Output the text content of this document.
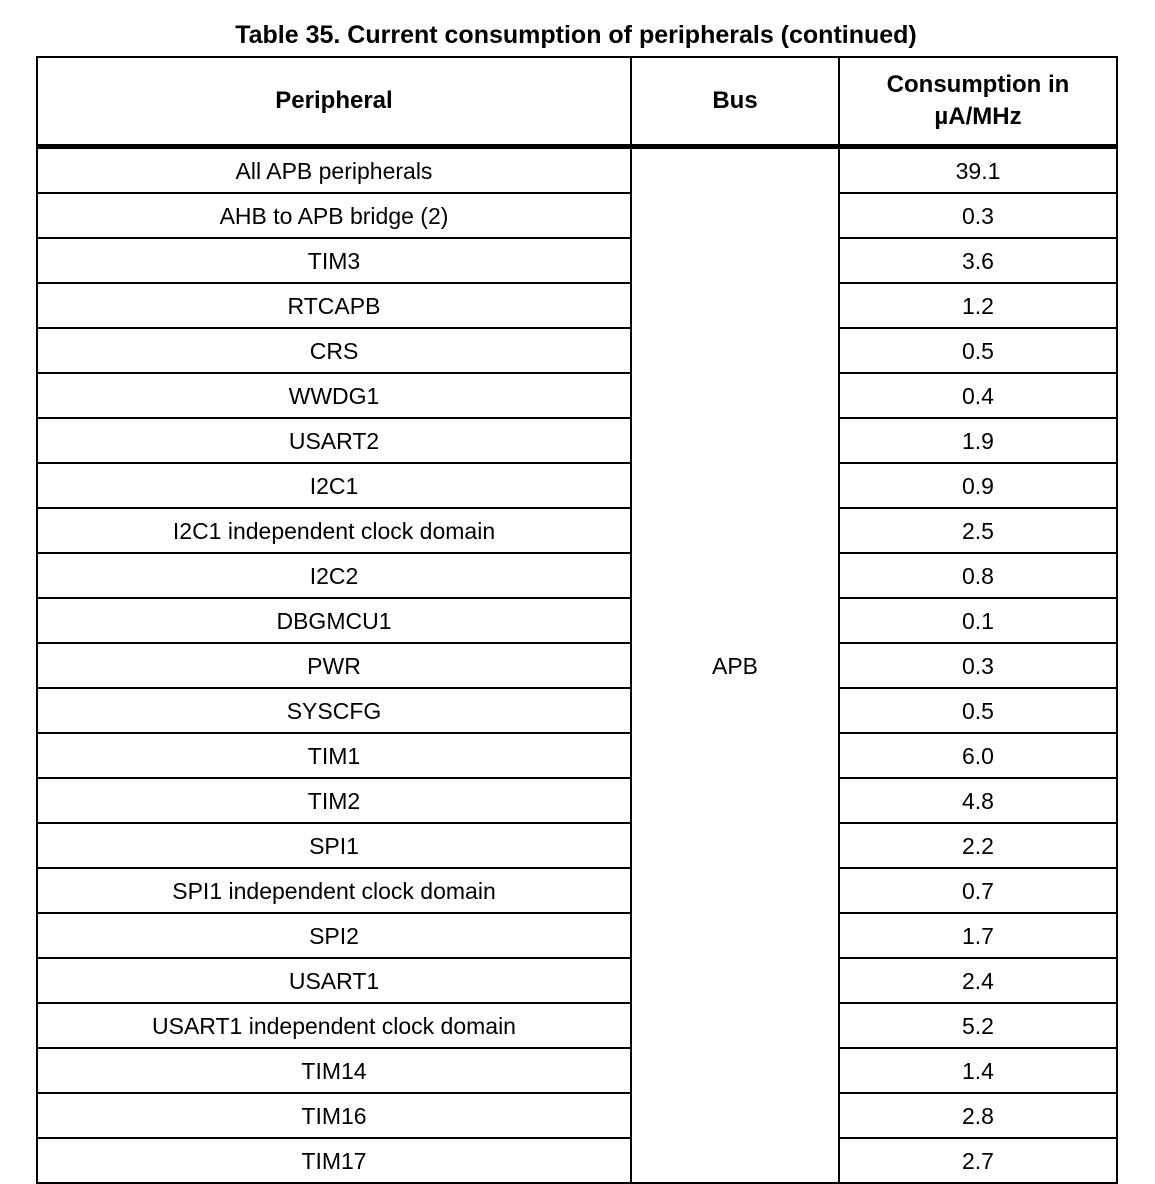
Table 35. Current consumption of peripherals (continued)
Peripheral	Bus	Consumption in
µA/MHz
All APB peripherals	APB	39.1
AHB to APB bridge (2)		0.3
TIM3		3.6
RTCAPB		1.2
CRS		0.5
WWDG1		0.4
USART2		1.9
I2C1		0.9
I2C1 independent clock domain		2.5
I2C2		0.8
DBGMCU1		0.1
PWR		0.3
SYSCFG		0.5
TIM1		6.0
TIM2		4.8
SPI1		2.2
SPI1 independent clock domain		0.7
SPI2		1.7
USART1		2.4
USART1 independent clock domain		5.2
TIM14		1.4
TIM16		2.8
TIM17		2.7
